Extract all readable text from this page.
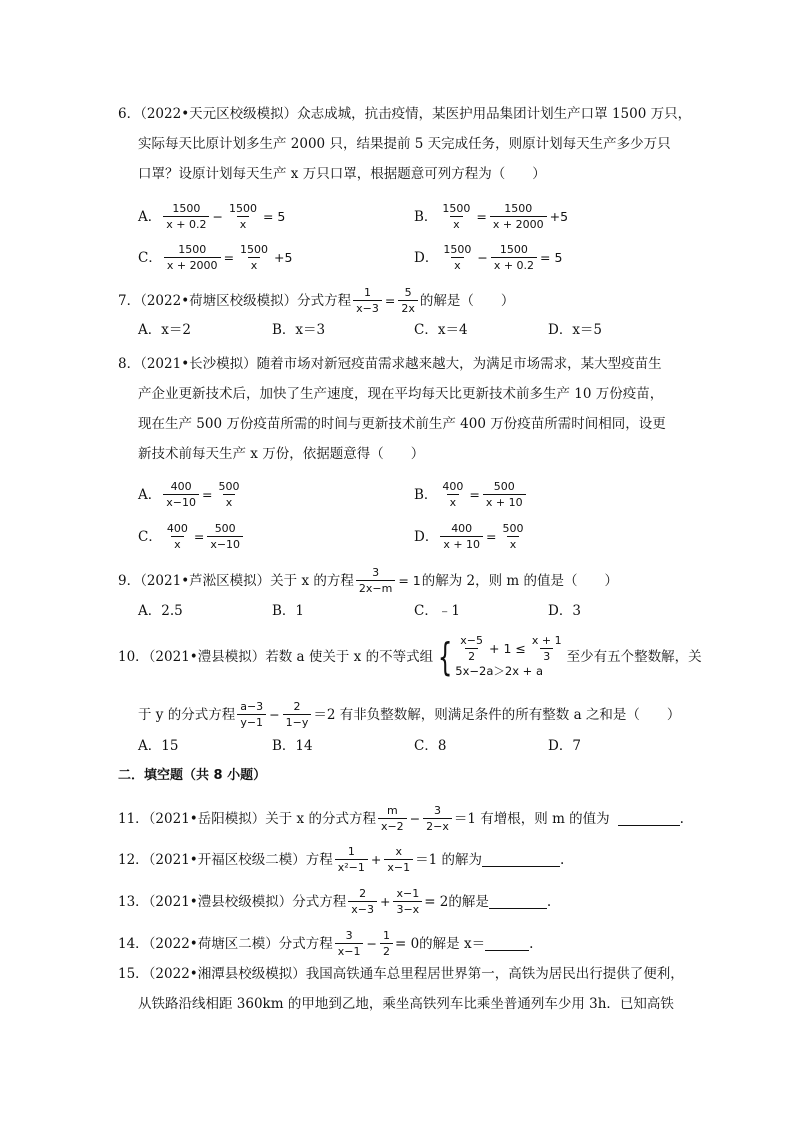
6．（2022•天元区校级模拟）众志成城，抗击疫情，某医护用品集团计划生产口罩 1500 万只，
实际每天比原计划多生产 2000 只，结果提前 5 天完成任务，则原计划每天生产多少万只
口罩？设原计划每天生产 x 万只口罩，根据题意可列方程为（　　）
A． $\frac{1500}{x + 0.2} - \frac{1500}{x} = 5$	B． $\frac{1500}{x} = \frac{1500}{x + 2000} +5$
C． $\frac{1500}{x + 2000} = \frac{1500}{x} +5$	D． $\frac{1500}{x} - \frac{1500}{x + 0.2} = 5$
7．（2022•荷塘区校级模拟）分式方程 $\frac{1}{x-3} = \frac{5}{2x}$ 的解是（　　）
A．x＝2	B．x＝3	C．x＝4	D．x＝5
8．（2021•长沙模拟）随着市场对新冠疫苗需求越来越大，为满足市场需求，某大型疫苗生
产企业更新技术后，加快了生产速度，现在平均每天比更新技术前多生产 10 万份疫苗，
现在生产 500 万份疫苗所需的时间与更新技术前生产 400 万份疫苗所需时间相同，设更
新技术前每天生产 x 万份，依据题意得（　　）
A． $\frac{400}{x-10} = \frac{500}{x}$	B． $\frac{400}{x} = \frac{500}{x + 10}$
C． $\frac{400}{x} = \frac{500}{x-10}$	D． $\frac{400}{x + 10} = \frac{500}{x}$
9．（2021•芦淞区模拟）关于 x 的方程 $\frac{3}{2x-m} = 1$ 的解为 2，则 m 的值是（　　）
A．2.5	B．1	C．﹣1	D．3
10．（2021•澧县模拟）若数 a 使关于 x 的不等式组 { $\frac{x-5}{2} + 1 \le \frac{x + 1}{3}$
5x−2a＞2x + a
至少有五个整数解，关
于 y 的分式方程 $\frac{a-3}{y-1} - \frac{2}{1-y} =2$ 有非负整数解，则满足条件的所有整数 a 之和是（　　）
A．15	B．14	C．8	D．7
二．填空题（共 8 小题）
11．（2021•岳阳模拟）关于 x 的分式方程 $\frac{m}{x-2} - \frac{3}{2-x} =1$ 有增根，则 m 的值为	.
12．（2021•开福区校级二模）方程 $\frac{1}{\text{x²−1}} + \frac{x}{x-1} =1$ 的解为	.
13．（2021•澧县校级模拟）分式方程 $\frac{2}{x-3} + \frac{x-1}{3-x} = 2$的解是	.
14．（2022•荷塘区二模）分式方程 $\frac{3}{x-1} - \frac{1}{2} = 0$的解是 x＝	.
15．（2022•湘潭县校级模拟）我国高铁通车总里程居世界第一，高铁为居民出行提供了便利，
从铁路沿线相距 360km 的甲地到乙地，乘坐高铁列车比乘坐普通列车少用 3h．已知高铁
